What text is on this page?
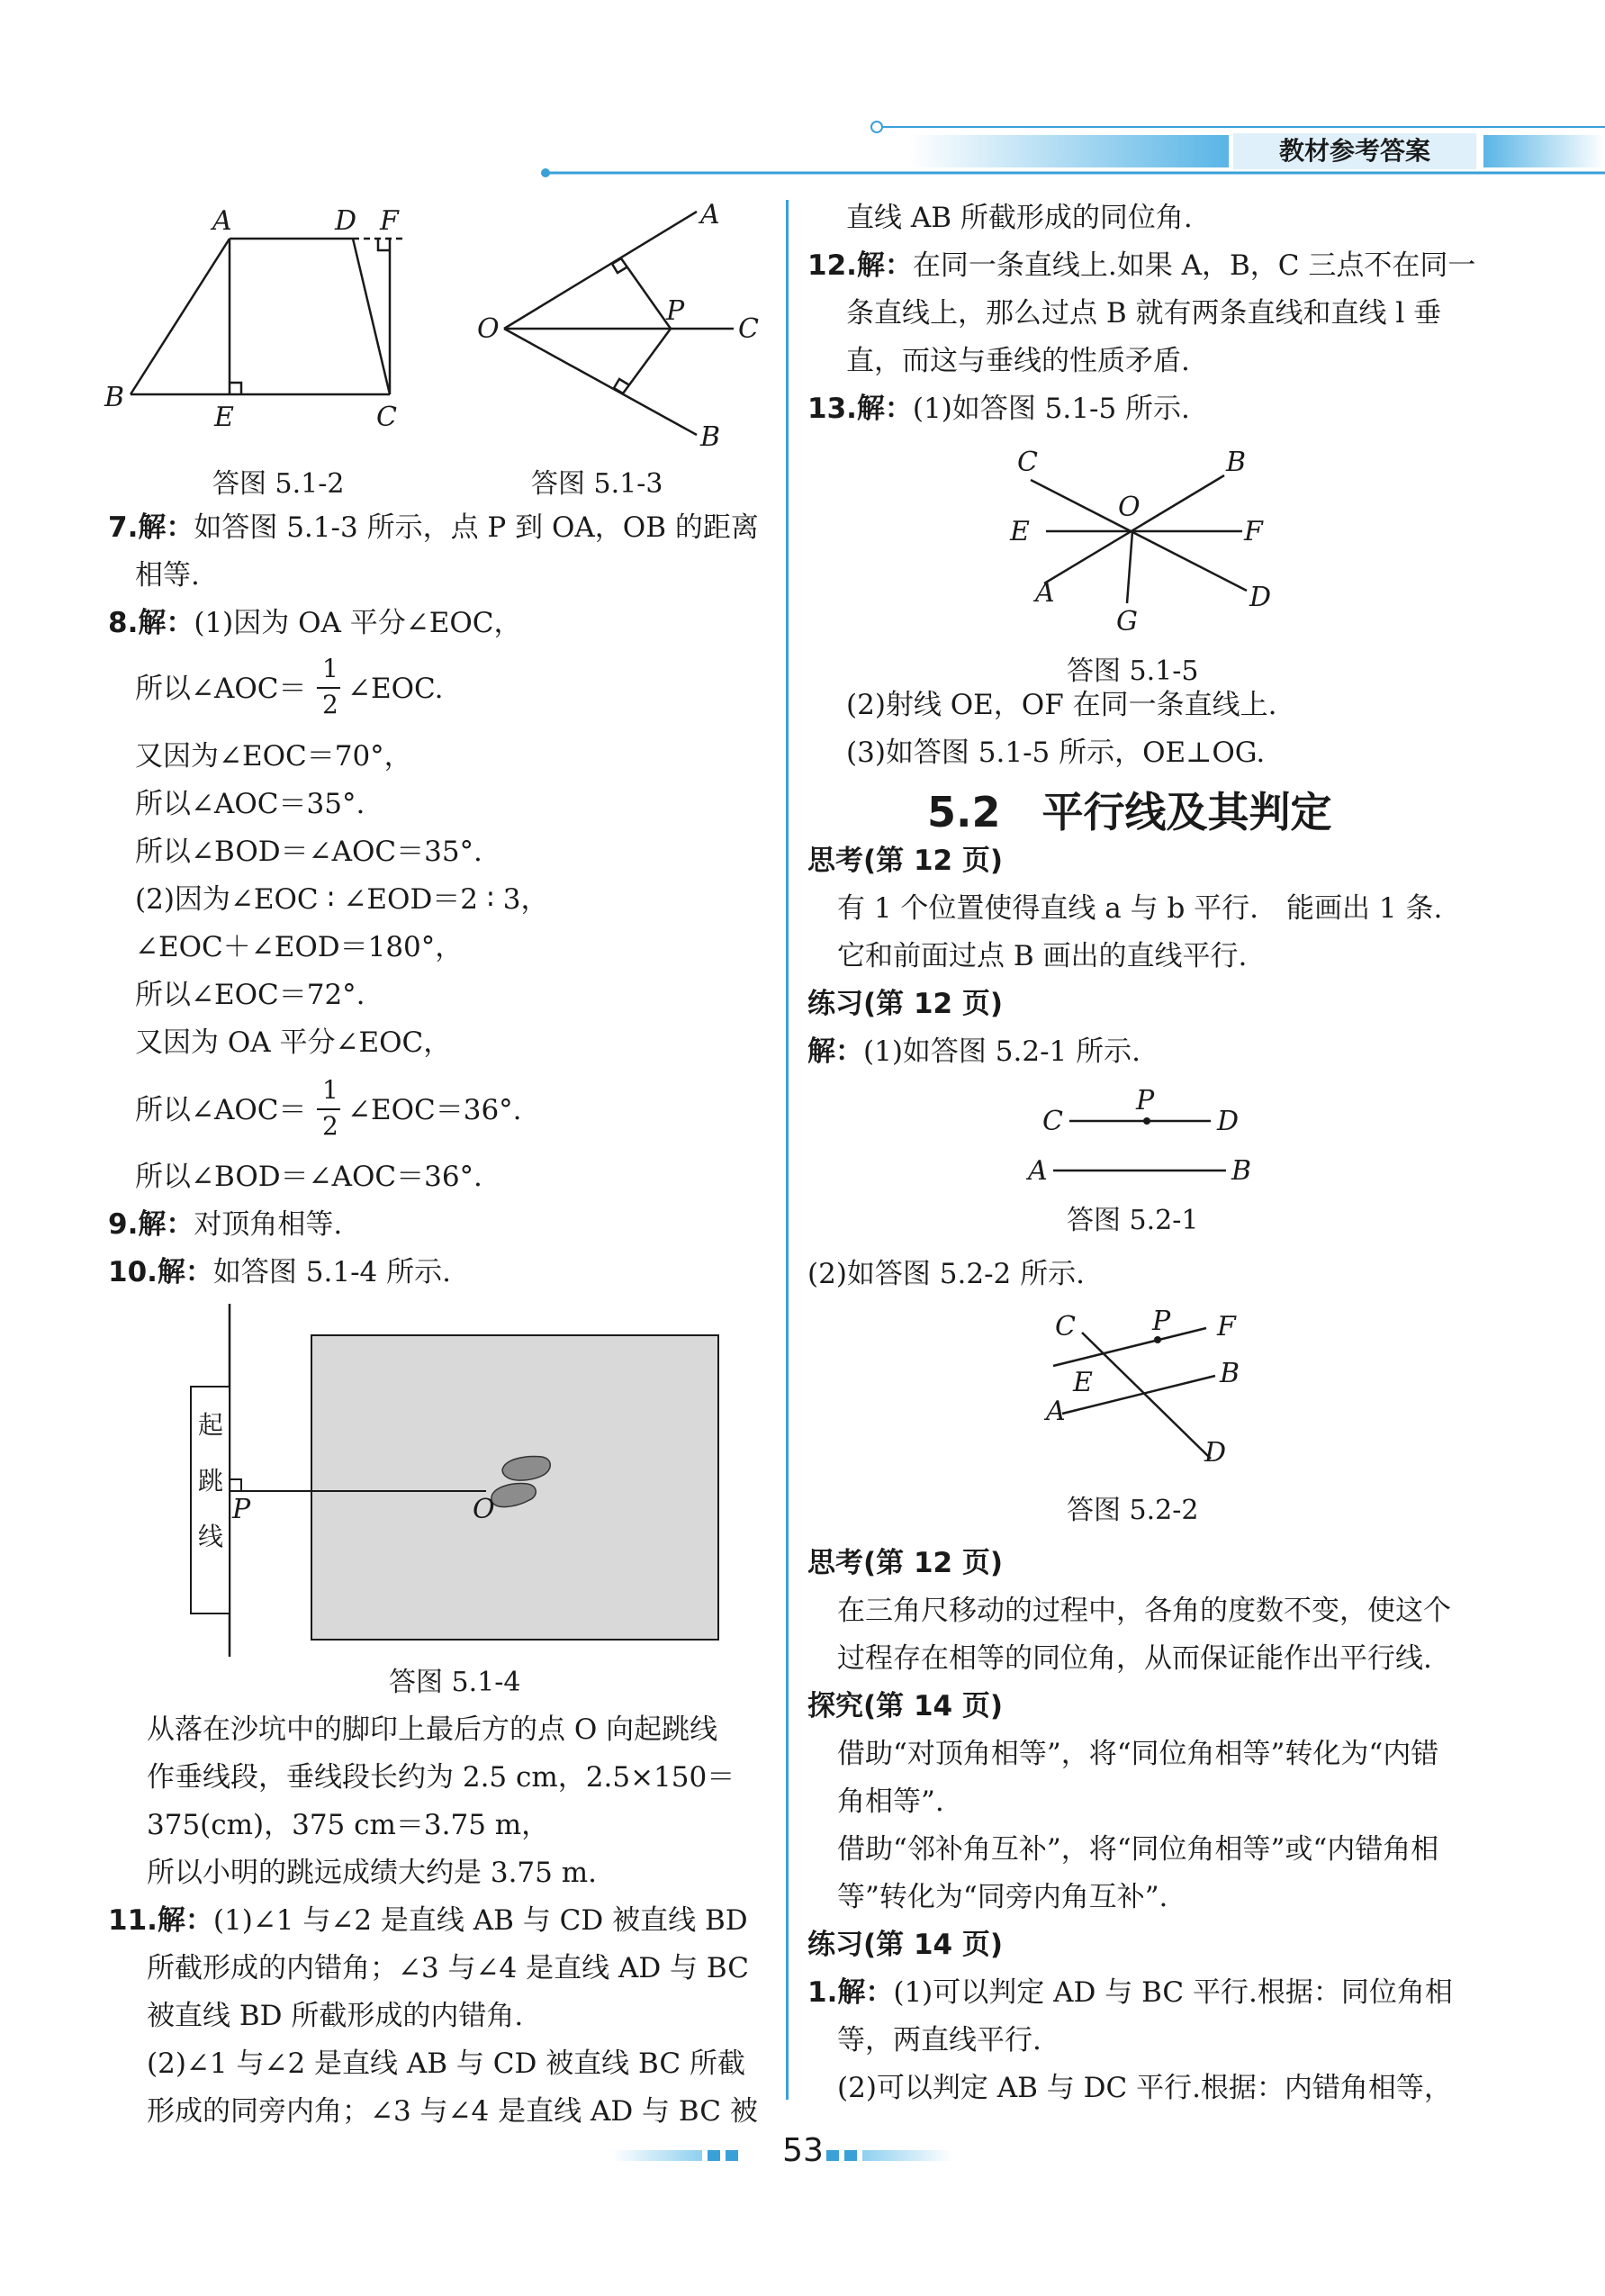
教材参考答案
A	D F
B
E	C
答图 5.1-2
O
A
B
C
P
答图 5.1-3
7.解：如答图 5.1-3 所示，点 P 到 OA，OB 的距离
相等.
8.解：(1)因为 OA 平分∠EOC，
所以∠AOC＝
1
2 ∠EOC.
又因为∠EOC＝70°，
所以∠AOC＝35°.
所以∠BOD＝∠AOC＝35°.
(2)因为∠EOC ∶ ∠EOD＝2 ∶ 3，
∠EOC＋∠EOD＝180°，
所以∠EOC＝72°.
又因为 OA 平分∠EOC，
所以∠AOC＝
1
2 ∠EOC＝36°.
所以∠BOD＝∠AOC＝36°.
9.解：对顶角相等.
10.解：如答图 5.1-4 所示.
P	O
起
跳
线
答图 5.1-4
从落在沙坑中的脚印上最后方的点 O 向起跳线
作垂线段，垂线段长约为 2.5 cm，2.5×150＝
375(cm)，375 cm＝3.75 m，
所以小明的跳远成绩大约是 3.75 m.
11.解：(1)∠1 与∠2 是直线 AB 与 CD 被直线 BD
所截形成的内错角；∠3 与∠4 是直线 AD 与 BC
被直线 BD 所截形成的内错角.
(2)∠1 与∠2 是直线 AB 与 CD 被直线 BC 所截
形成的同旁内角；∠3 与∠4 是直线 AD 与 BC 被
直线 AB 所截形成的同位角.
12.解：在同一条直线上.如果 A，B，C 三点不在同一
条直线上，那么过点 B 就有两条直线和直线 l 垂
直，而这与垂线的性质矛盾.
13.解：(1)如答图 5.1-5 所示.
C	B
O
E	F
A	D
G
答图 5.1-5
(2)射线 OE，OF 在同一条直线上.
(3)如答图 5.1-5 所示，OE⊥OG.
5.2　平行线及其判定
思考(第 12 页)
有 1 个位置使得直线 a 与 b 平行.　能画出 1 条.
它和前面过点 B 画出的直线平行.
练习(第 12 页)
解：(1)如答图 5.2-1 所示.
C
P
D
A	B
答图 5.2-1
(2)如答图 5.2-2 所示.
C	P F
E	B
A
D
答图 5.2-2
思考(第 12 页)
在三角尺移动的过程中，各角的度数不变，使这个
过程存在相等的同位角，从而保证能作出平行线.
探究(第 14 页)
借助“对顶角相等”，将“同位角相等”转化为“内错
角相等”.
借助“邻补角互补”，将“同位角相等”或“内错角相
等”转化为“同旁内角互补”.
练习(第 14 页)
1.解：(1)可以判定 AD 与 BC 平行.根据：同位角相
等，两直线平行.
(2)可以判定 AB 与 DC 平行.根据：内错角相等，
53
